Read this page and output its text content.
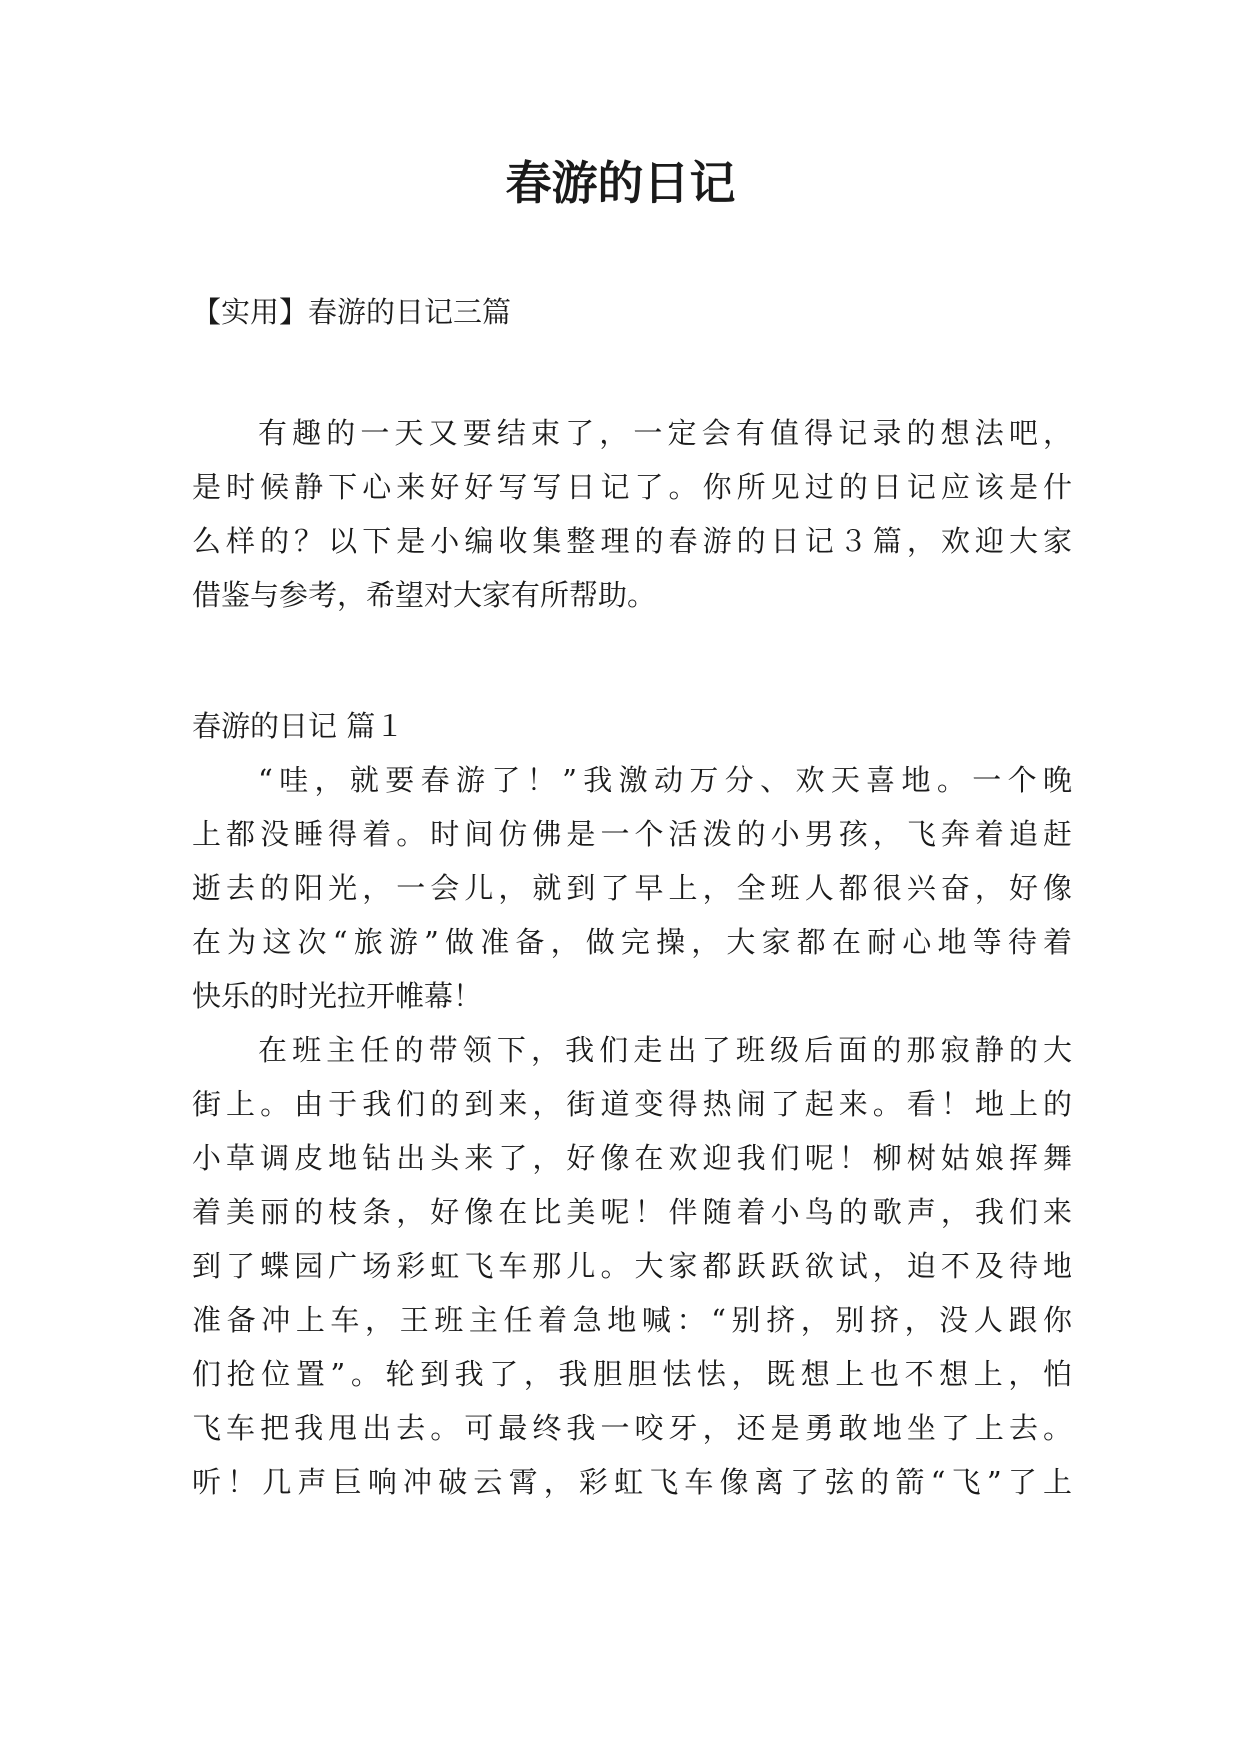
春游的日记

【实用】春游的日记三篇

有趣的一天又要结束了，一定会有值得记录的想法吧，

是时候静下心来好好写写日记了。你所见过的日记应该是什

么样的？以下是小编收集整理的春游的日记３篇，欢迎大家

借鉴与参考，希望对大家有所帮助。

春游的日记 篇１

“哇，就要春游了！”我激动万分、欢天喜地。一个晚

上都没睡得着。时间仿佛是一个活泼的小男孩，飞奔着追赶

逝去的阳光，一会儿，就到了早上，全班人都很兴奋，好像

在为这次“旅游”做准备，做完操，大家都在耐心地等待着

快乐的时光拉开帷幕！

在班主任的带领下，我们走出了班级后面的那寂静的大

街上。由于我们的到来，街道变得热闹了起来。看！地上的

小草调皮地钻出头来了，好像在欢迎我们呢！柳树姑娘挥舞

着美丽的枝条，好像在比美呢！伴随着小鸟的歌声，我们来

到了蝶园广场彩虹飞车那儿。大家都跃跃欲试，迫不及待地

准备冲上车，王班主任着急地喊：“别挤，别挤，没人跟你

们抢位置”。轮到我了，我胆胆怯怯，既想上也不想上，怕

飞车把我甩出去。可最终我一咬牙，还是勇敢地坐了上去。

听！几声巨响冲破云霄，彩虹飞车像离了弦的箭“飞”了上
